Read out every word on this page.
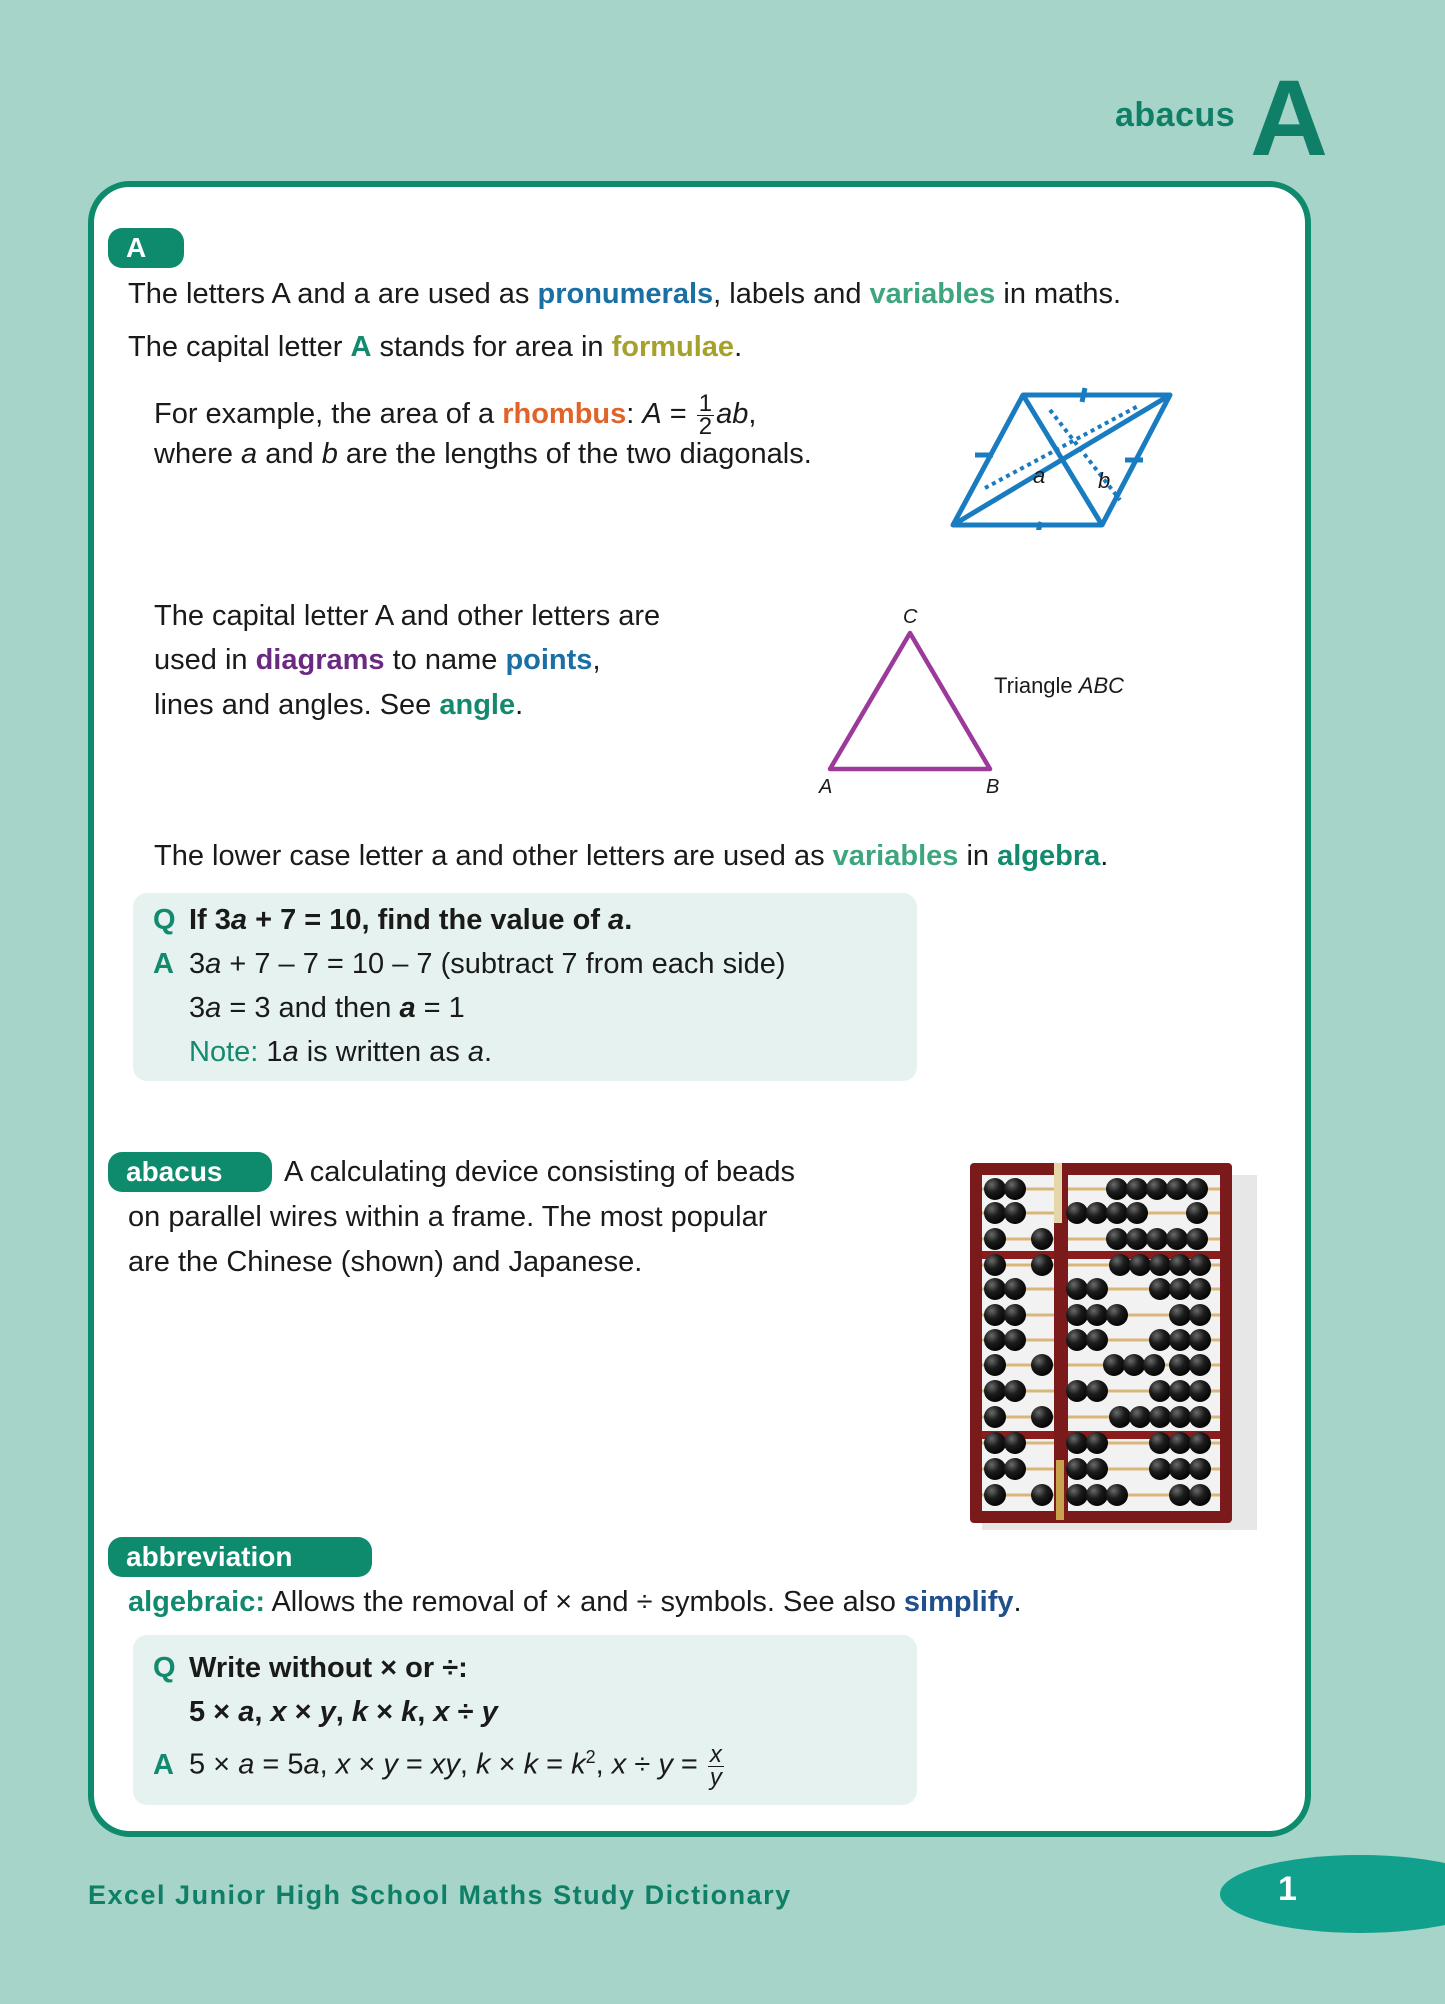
abacus A
A
The letters A and a are used as pronumerals, labels and variables in maths.
The capital letter A stands for area in formulae.
For example, the area of a rhombus: $A = \frac{1}{2}$ ab,
where a and b are the lengths of the two diagonals.
a b
The capital letter A and other letters are
used in diagrams to name points,
lines and angles. See angle.
C
A	B
Triangle ABC
The lower case letter a and other letters are used as variables in algebra.
Q If 3a + 7 = 10, find the value of a.
A 3a + 7 – 7 = 10 – 7 (subtract 7 from each side)
3a = 3 and then a = 1
Note: 1a is written as a.
abacus	A calculating device consisting of beads
on parallel wires within a frame. The most popular
are the Chinese (shown) and Japanese.
abbreviation
algebraic: Allows the removal of × and ÷ symbols. See also simplify.
Q Write without × or ÷:
5 × a, x × y, k × k, x ÷ y
A 5 × a = 5a, x × y = xy, $k \times k = k^2$, $x \div y = \frac{x}{y}$
Excel Junior High School Maths Study Dictionary	1
